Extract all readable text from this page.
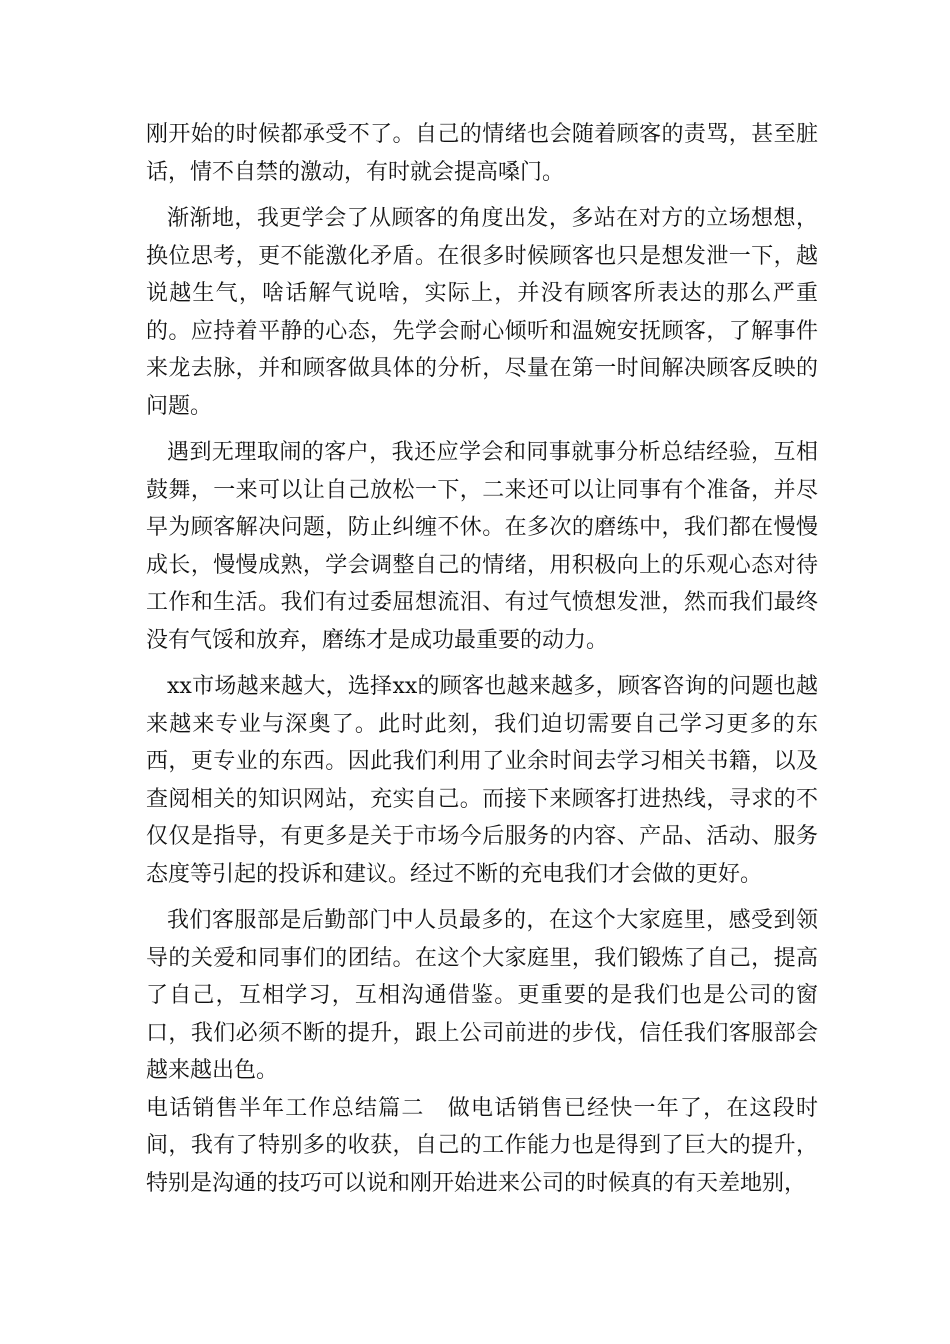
刚开始的时候都承受不了。自己的情绪也会随着顾客的责骂，甚至脏话，情不自禁的激动，有时就会提高嗓门。

渐渐地，我更学会了从顾客的角度出发，多站在对方的立场想想，换位思考，更不能激化矛盾。在很多时候顾客也只是想发泄一下，越说越生气，啥话解气说啥，实际上，并没有顾客所表达的那么严重的。应持着平静的心态，先学会耐心倾听和温婉安抚顾客，了解事件来龙去脉，并和顾客做具体的分析，尽量在第一时间解决顾客反映的问题。

遇到无理取闹的客户，我还应学会和同事就事分析总结经验，互相鼓舞，一来可以让自己放松一下，二来还可以让同事有个准备，并尽早为顾客解决问题，防止纠缠不休。在多次的磨练中，我们都在慢慢成长，慢慢成熟，学会调整自己的情绪，用积极向上的乐观心态对待工作和生活。我们有过委屈想流泪、有过气愤想发泄，然而我们最终没有气馁和放弃，磨练才是成功最重要的动力。

xx市场越来越大，选择xx的顾客也越来越多，顾客咨询的问题也越来越来专业与深奥了。此时此刻，我们迫切需要自己学习更多的东西，更专业的东西。因此我们利用了业余时间去学习相关书籍，以及查阅相关的知识网站，充实自己。而接下来顾客打进热线，寻求的不仅仅是指导，有更多是关于市场今后服务的内容、产品、活动、服务态度等引起的投诉和建议。经过不断的充电我们才会做的更好。

我们客服部是后勤部门中人员最多的，在这个大家庭里，感受到领导的关爱和同事们的团结。在这个大家庭里，我们锻炼了自己，提高了自己，互相学习，互相沟通借鉴。更重要的是我们也是公司的窗口，我们必须不断的提升，跟上公司前进的步伐，信任我们客服部会越来越出色。

电话销售半年工作总结篇二　做电话销售已经快一年了，在这段时间，我有了特别多的收获，自己的工作能力也是得到了巨大的提升，特别是沟通的技巧可以说和刚开始进来公司的时候真的有天差地别，
